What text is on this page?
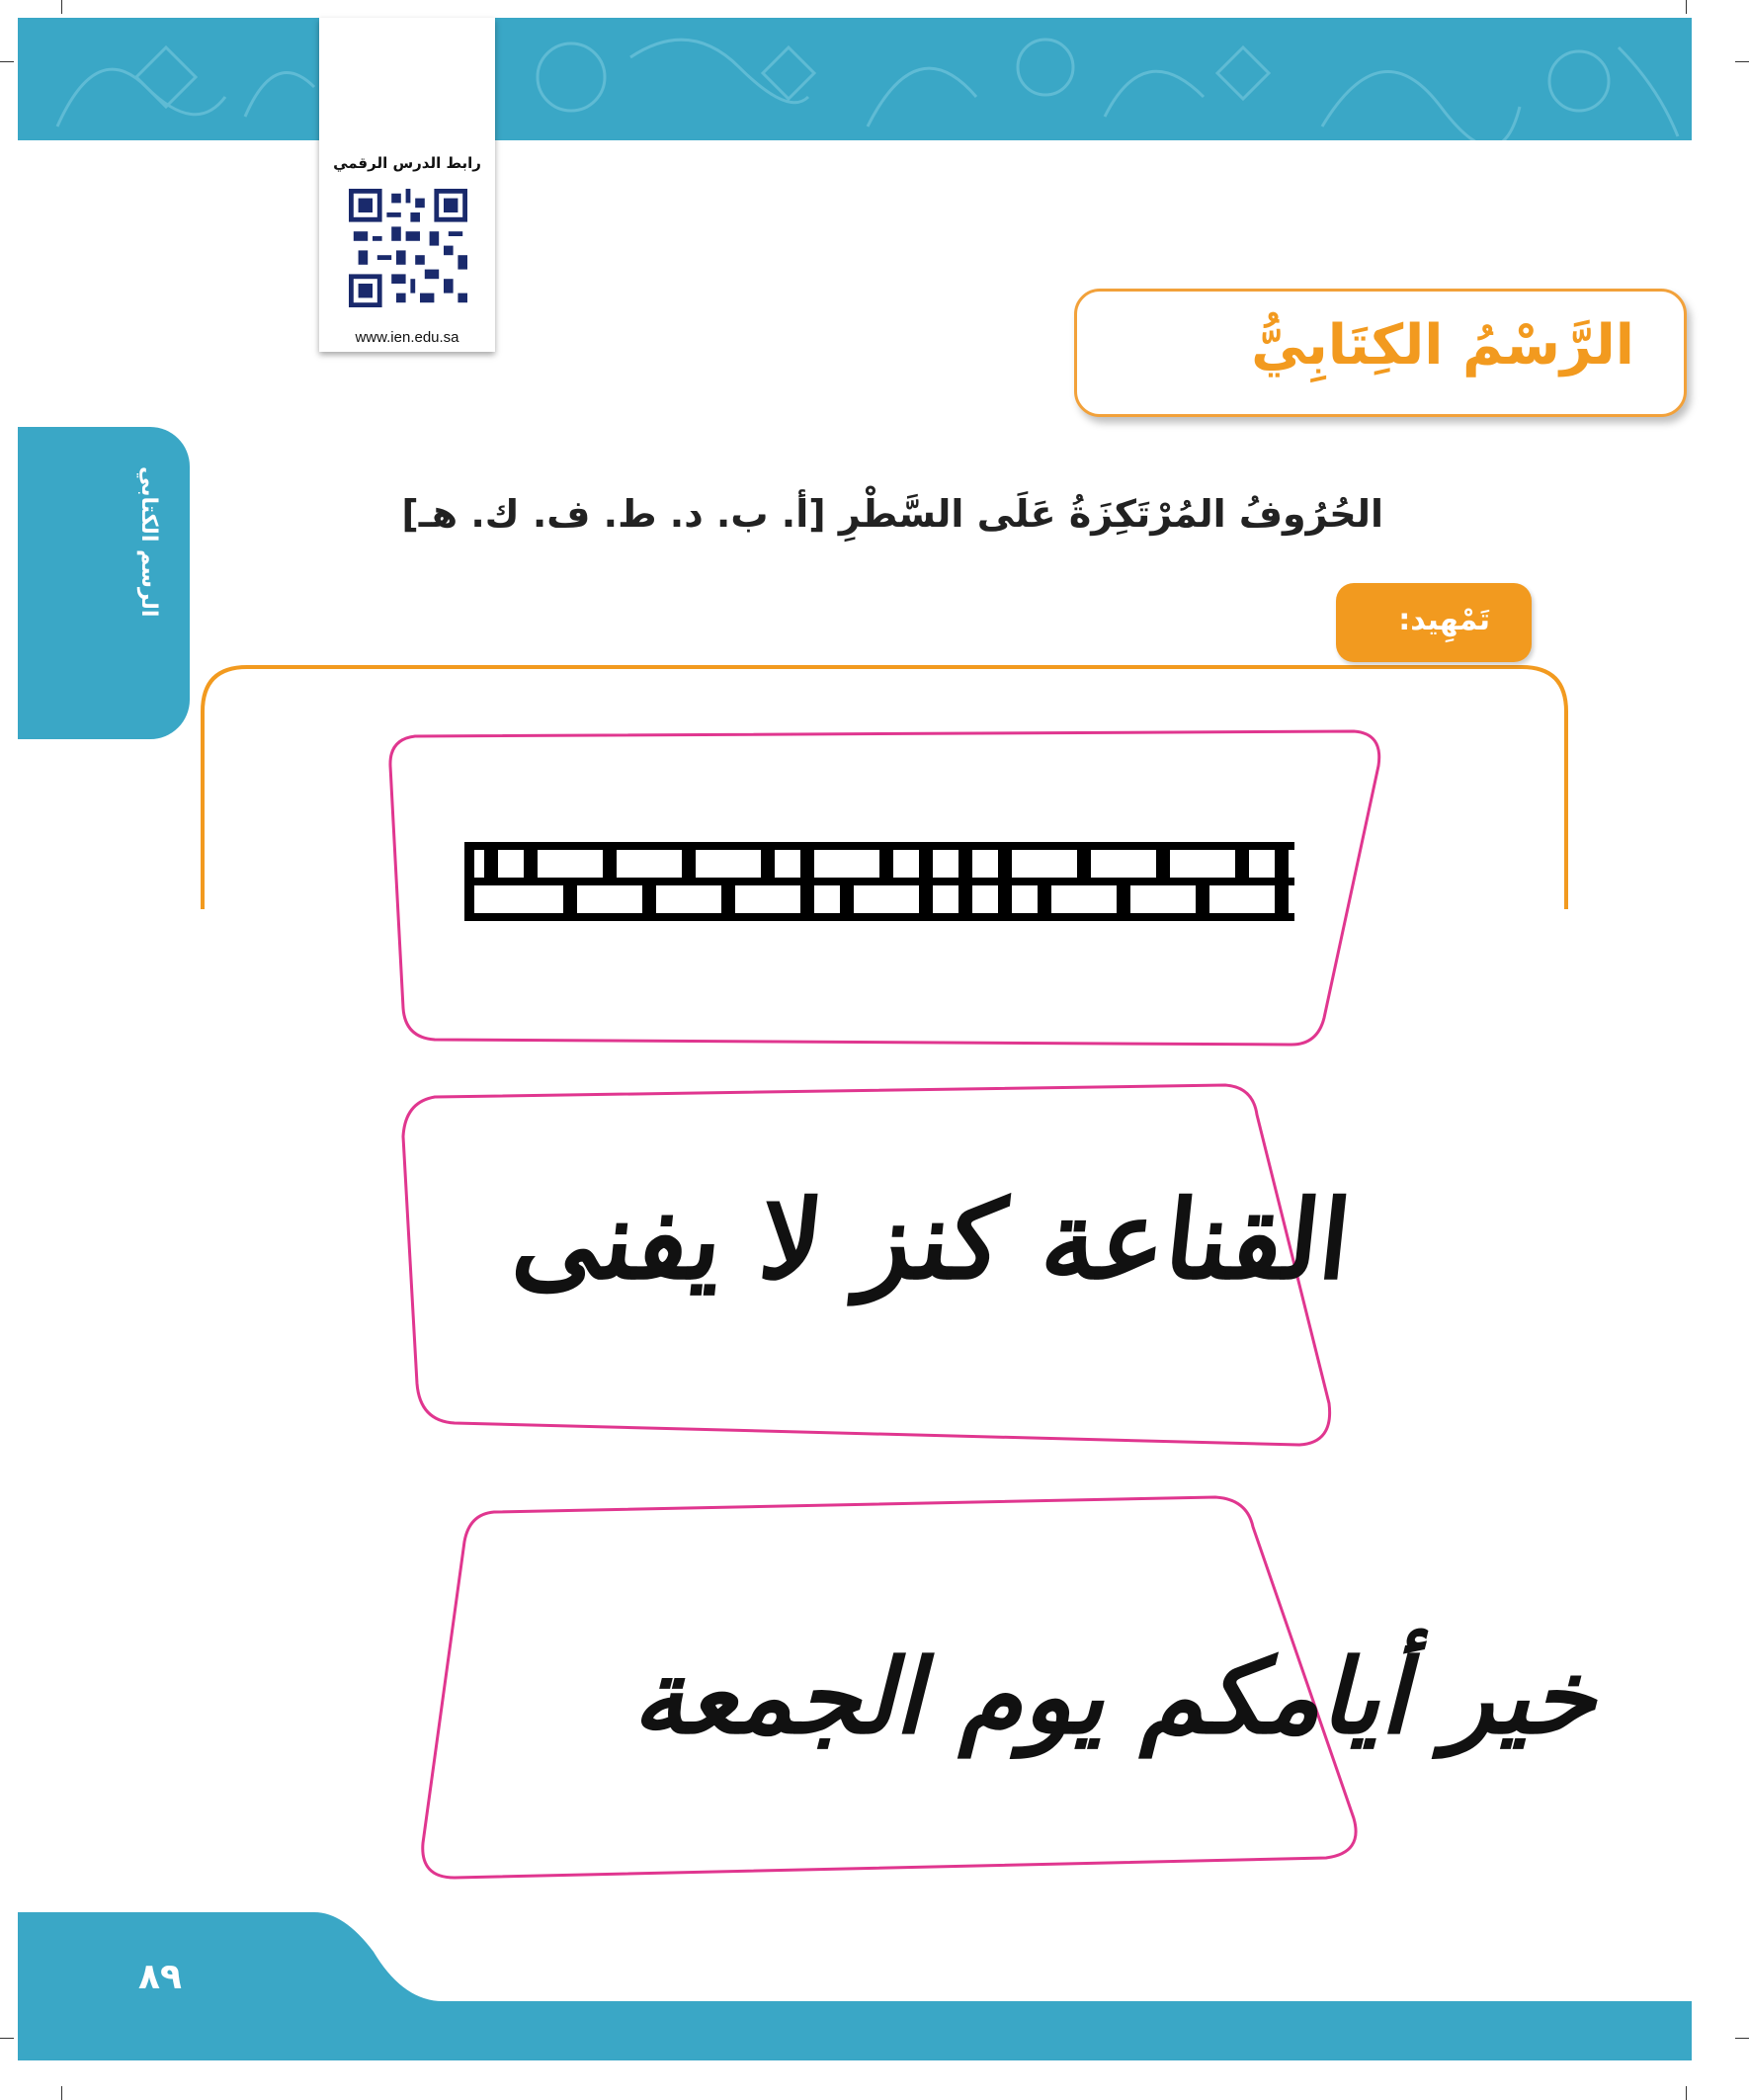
رابط الدرس الرقمي
www.ien.edu.sa	الرَّسْمُ الكِتَابِيُّ
الرسم الكتابي	الحُرُوفُ المُرْتَكِزَةُ عَلَى السَّطْرِ [أ. ب. د. ط. ف. ك. هـ]
تَمْهِيد:
القناعة كنز لا يفنى
خير أيامكم يوم الجمعة
٨٩
